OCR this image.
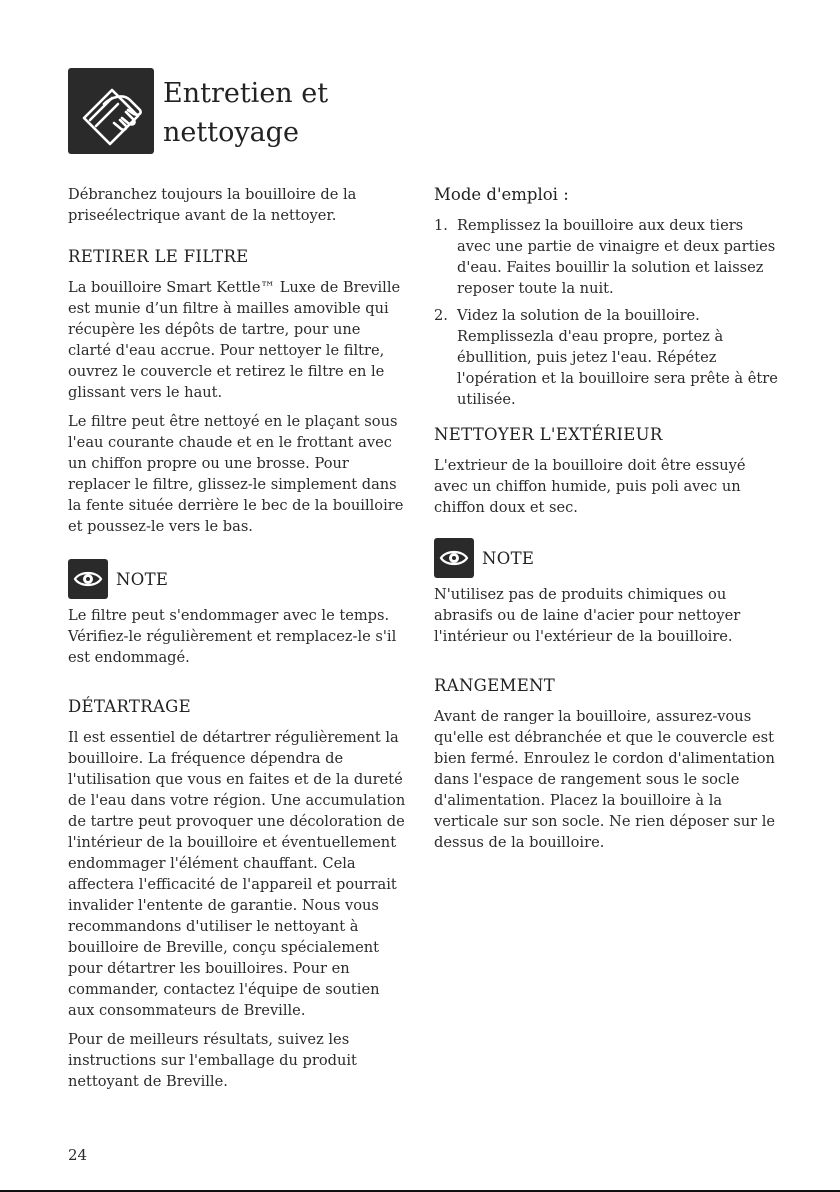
Entretien et
nettoyage

Débranchez toujours la bouilloire de la priseélectrique avant de la nettoyer.

RETIRER LE FILTRE

La bouilloire Smart Kettle™ Luxe de Breville est munie d’un filtre à mailles amovible qui récupère les dépôts de tartre, pour une clarté d'eau accrue. Pour nettoyer le filtre, ouvrez le couvercle et retirez le filtre en le glissant vers le haut.

Le filtre peut être nettoyé en le plaçant sous l'eau courante chaude et en le frottant avec un chiffon propre ou une brosse. Pour replacer le filtre, glissez-le simplement dans la fente située derrière le bec de la bouilloire et poussez-le vers le bas.

NOTE

Le filtre peut s'endommager avec le temps. Vérifiez-le régulièrement et remplacez-le s'il est endommagé.

DÉTARTRAGE

Il est essentiel de détartrer régulièrement la bouilloire. La fréquence dépendra de l'utilisation que vous en faites et de la dureté de l'eau dans votre région. Une accumulation de tartre peut provoquer une décoloration de l'intérieur de la bouilloire et éventuellement endommager l'élément chauffant. Cela affectera l'efficacité de l'appareil et pourrait invalider l'entente de garantie. Nous vous recommandons d'utiliser le nettoyant à bouilloire de Breville, conçu spécialement pour détartrer les bouilloires. Pour en commander, contactez l'équipe de soutien aux consommateurs de Breville.

Pour de meilleurs résultats, suivez les instructions sur l'emballage du produit nettoyant de Breville.

Mode d'emploi :
1. Remplissez la bouilloire aux deux tiers avec une partie de vinaigre et deux parties d'eau. Faites bouillir la solution et laissez reposer toute la nuit.
2. Videz la solution de la bouilloire. Remplissezla d'eau propre, portez à ébullition, puis jetez l'eau. Répétez l'opération et la bouilloire sera prête à être utilisée.
NETTOYER L'EXTÉRIEUR

L'extrieur de la bouilloire doit être essuyé avec un chiffon humide, puis poli avec un chiffon doux et sec.

NOTE

N'utilisez pas de produits chimiques ou abrasifs ou de laine d'acier pour nettoyer l'intérieur ou l'extérieur de la bouilloire.

RANGEMENT

Avant de ranger la bouilloire, assurez-vous qu'elle est débranchée et que le couvercle est bien fermé. Enroulez le cordon d'alimentation dans l'espace de rangement sous le socle d'alimentation. Placez la bouilloire à la verticale sur son socle. Ne rien déposer sur le dessus de la bouilloire.

24
